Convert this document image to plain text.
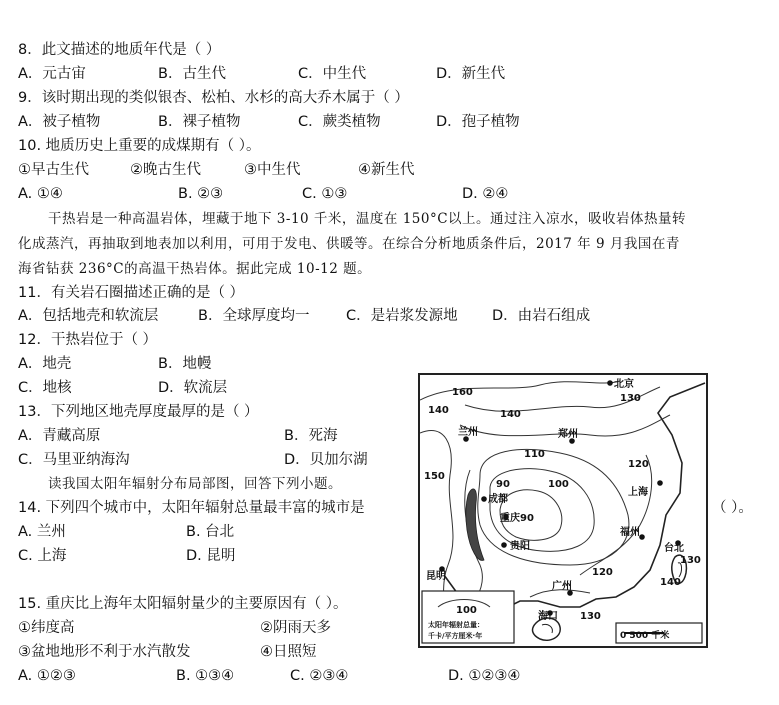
8．此文描述的地质年代是（ ）
A．元古宙	B．古生代	C．中生代	D．新生代
9．该时期出现的类似银杏、松柏、水杉的高大乔木属于（ ）
A．被子植物	B．裸子植物	C．蕨类植物	D．孢子植物
10. 地质历史上重要的成煤期有（ ）。
①早古生代	②晚古生代	③中生代	④新生代
A. ①④	B. ②③	C. ①③	D. ②④
干热岩是一种高温岩体，埋藏于地下 3-10 千米，温度在 150°C以上。通过注入凉水，吸收岩体热量转
化成蒸汽，再抽取到地表加以利用，可用于发电、供暖等。在综合分析地质条件后，2017 年 9 月我国在青
海省钻获 236°C的高温干热岩体。据此完成 10-12 题。
11．有关岩石圈描述正确的是（ ）
A．包括地壳和软流层	B．全球厚度均一	C．是岩浆发源地 D．由岩石组成
12．干热岩位于（ ）
A．地壳	B．地幔
C．地核	D．软流层
13．下列地区地壳厚度最厚的是（ ）
A．青藏高原	B．死海
C．马里亚纳海沟	D．贝加尔湖
读我国太阳年辐射分布局部图，回答下列小题。
14. 下列四个城市中，太阳年辐射总量最丰富的城市是	（ ）。
A. 兰州	B. 台北
C. 上海	D. 昆明
15. 重庆比上海年太阳辐射量少的主要原因有（ ）。
①纬度高	②阴雨天多
③盆地地形不利于水汽散发	④日照短
A. ①②③	B. ①③④	C. ②③④	D. ①②③④
北京
兰州	郑州
成都
重庆90
贵阳
上海
福州
台北
昆明
广州
海口
160
150
140
130
110
100
90
120
120
140
130
140
130
100
太阳年辐射总量：
千卡/平方厘米·年	0 500 千米
